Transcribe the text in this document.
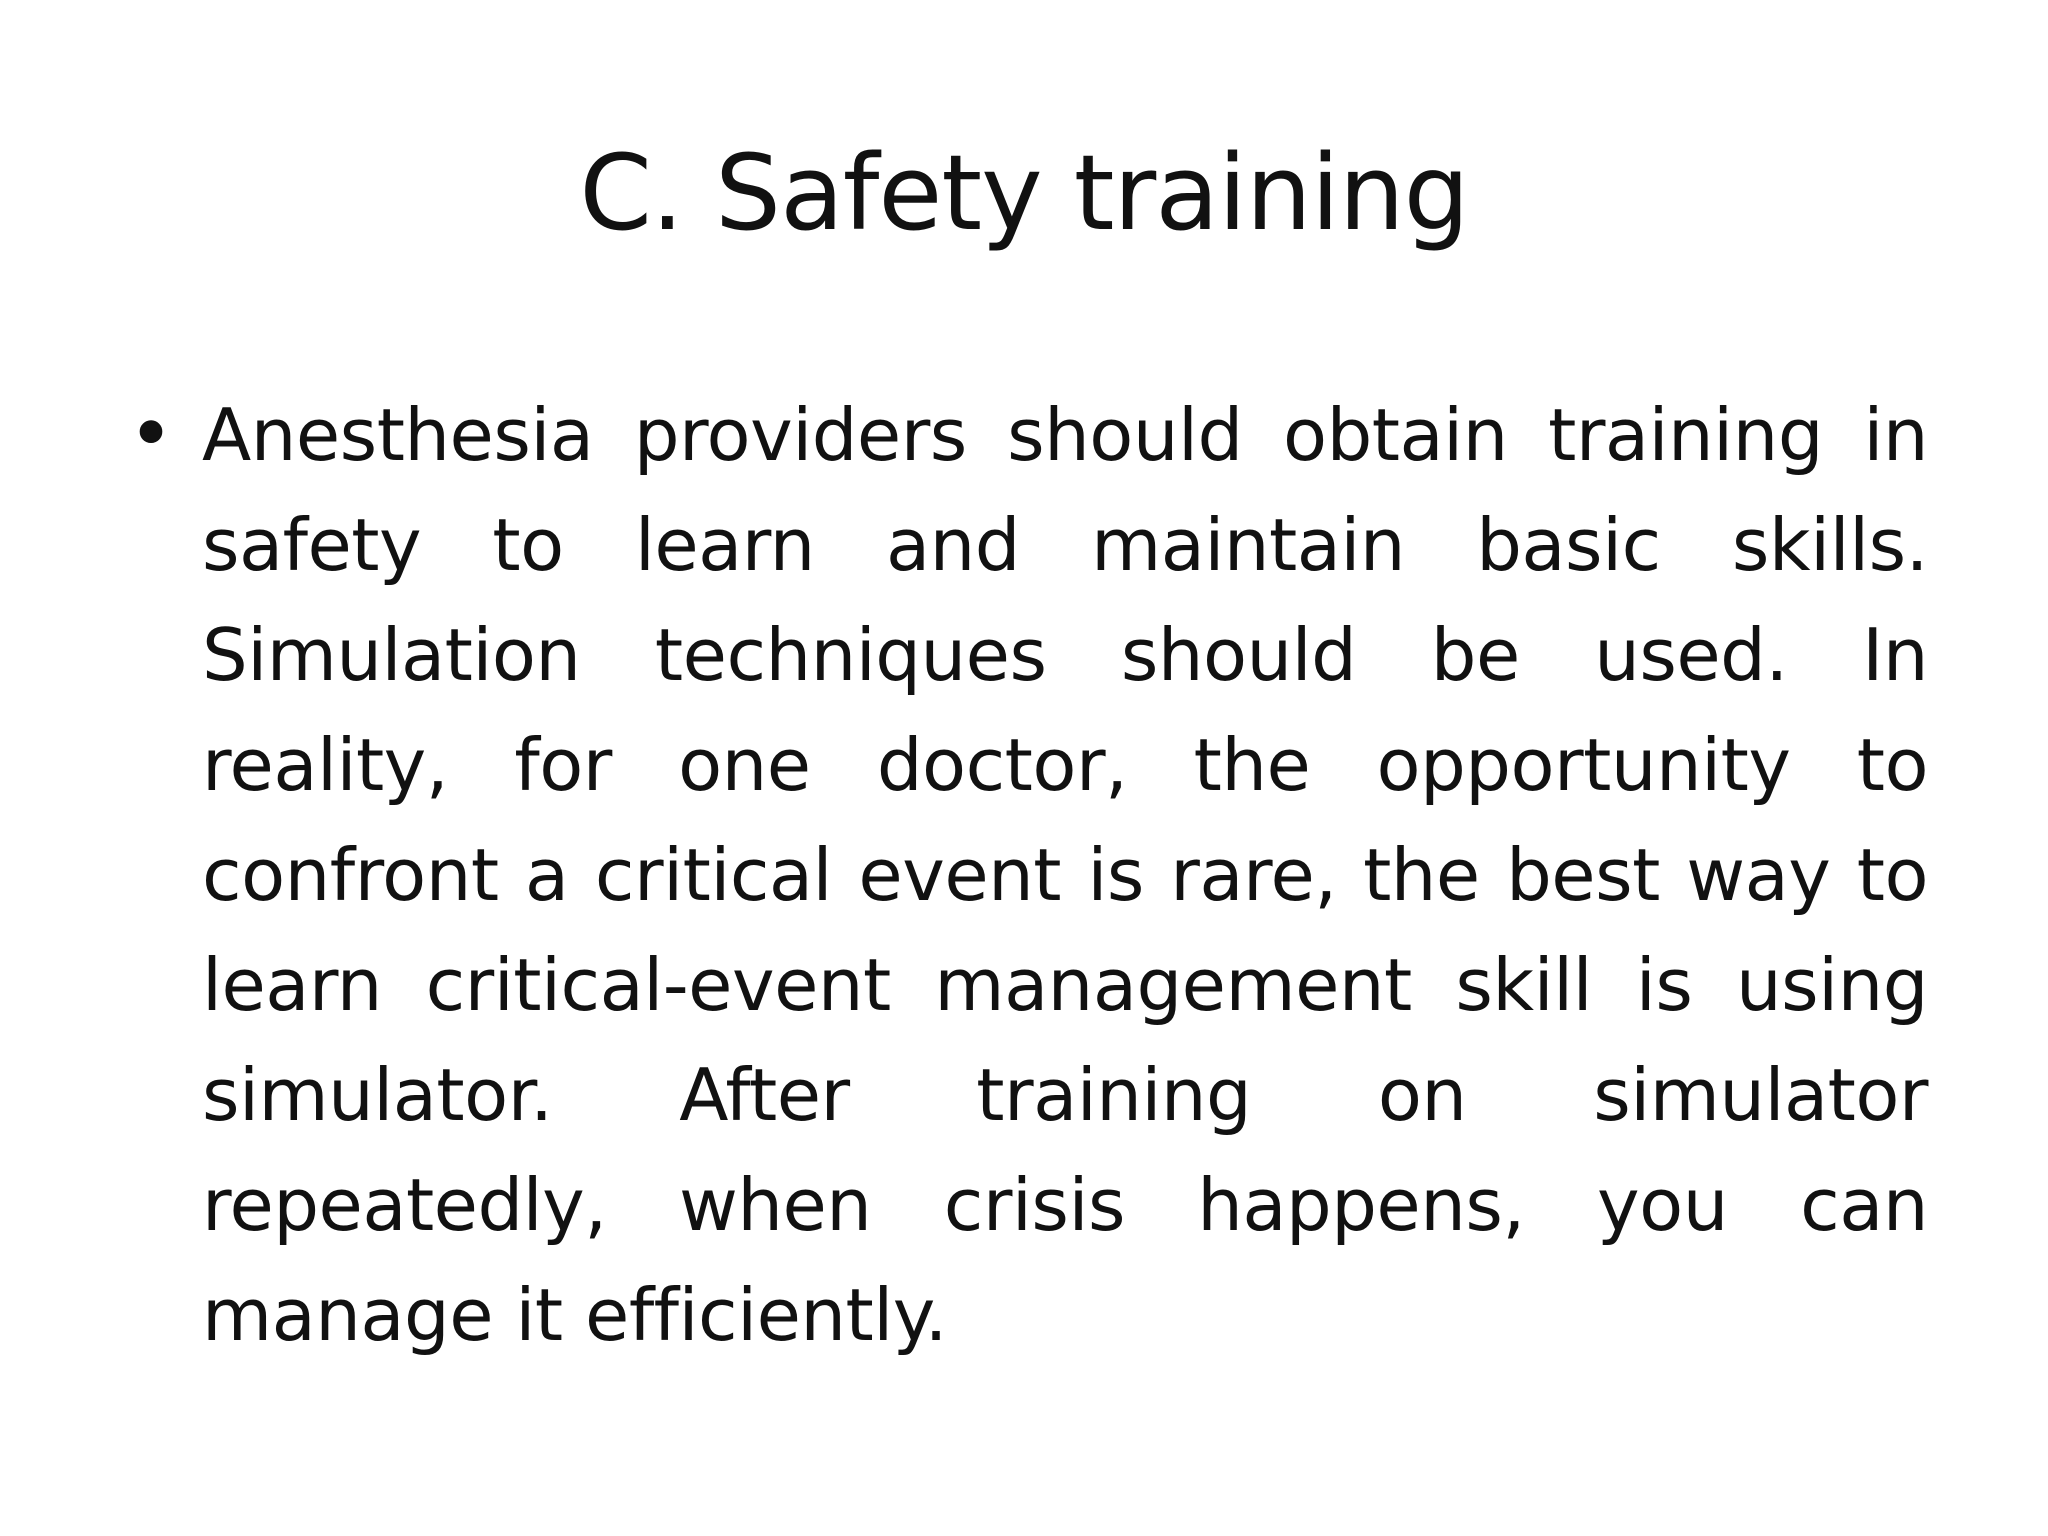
C. Safety training
• Anesthesia providers should obtain training in safety to learn and maintain basic skills. Simulation techniques should be used. In reality, for one doctor, the opportunity to confront a critical event is rare, the best way to learn critical-event management skill is using simulator. After training on simulator repeatedly, when crisis happens, you can manage it efficiently.
